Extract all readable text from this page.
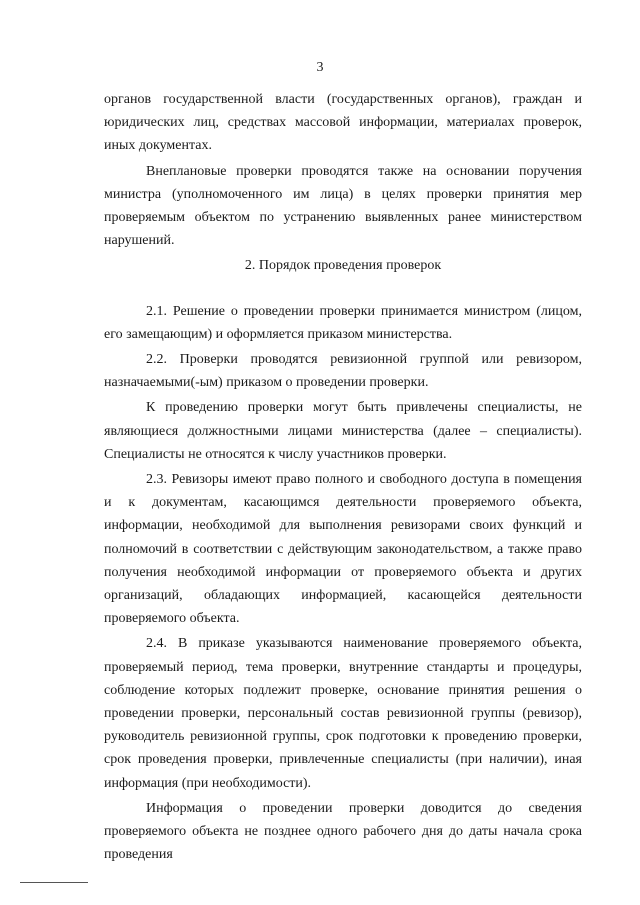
3

органов государственной власти (государственных органов), граждан и юридических лиц, средствах массовой информации, материалах проверок, иных документах.

Внеплановые проверки проводятся также на основании поручения министра (уполномоченного им лица) в целях проверки принятия мер проверяемым объектом по устранению выявленных ранее министерством нарушений.

2. Порядок проведения проверок

2.1. Решение о проведении проверки принимается министром (лицом, его замещающим) и оформляется приказом министерства.

2.2. Проверки проводятся ревизионной группой или ревизором, назначаемыми(-ым) приказом о проведении проверки.

К проведению проверки могут быть привлечены специалисты, не являющиеся должностными лицами министерства (далее – специалисты). Специалисты не относятся к числу участников проверки.

2.3. Ревизоры имеют право полного и свободного доступа в помещения и к документам, касающимся деятельности проверяемого объекта, информации, необходимой для выполнения ревизорами своих функций и полномочий в соответствии с действующим законодательством, а также право получения необходимой информации от проверяемого объекта и других организаций, обладающих информацией, касающейся деятельности проверяемого объекта.

2.4. В приказе указываются наименование проверяемого объекта, проверяемый период, тема проверки, внутренние стандарты и процедуры, соблюдение которых подлежит проверке, основание принятия решения о проведении проверки, персональный состав ревизионной группы (ревизор), руководитель ревизионной группы, срок подготовки к проведению проверки, срок проведения проверки, привлеченные специалисты (при наличии), иная информация (при необходимости).

Информация о проведении проверки доводится до сведения проверяемого объекта не позднее одного рабочего дня до даты начала срока проведения
